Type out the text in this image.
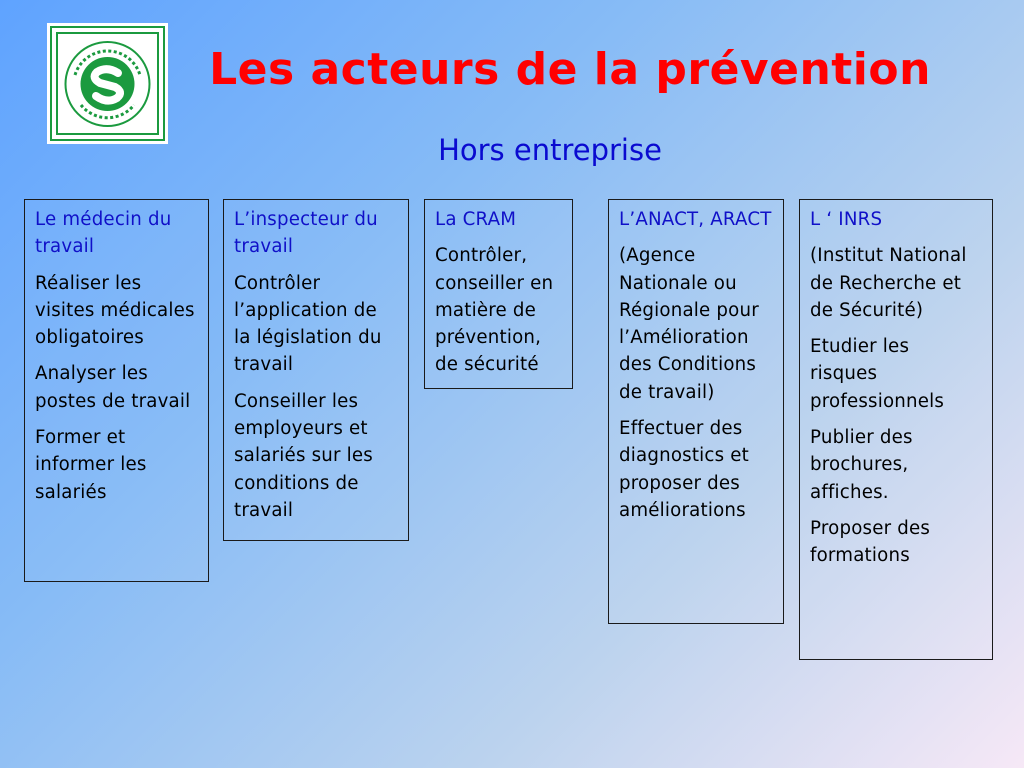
Les acteurs de la prévention
Hors entreprise

Le médecin du travail

Réaliser les visites médicales obligatoires

Analyser les postes de travail

Former et informer les salariés

L’inspecteur du travail

Contrôler l’application de la législation du travail

Conseiller les employeurs et salariés sur les conditions de travail

La CRAM

Contrôler, conseiller en matière de prévention, de sécurité

L’ANACT, ARACT

(Agence Nationale ou Régionale pour l’Amélioration des Conditions de travail)

Effectuer des diagnostics et proposer des améliorations

L ‘ INRS

(Institut National de Recherche et de Sécurité)

Etudier les risques professionnels

Publier des brochures, affiches.

Proposer des formations
